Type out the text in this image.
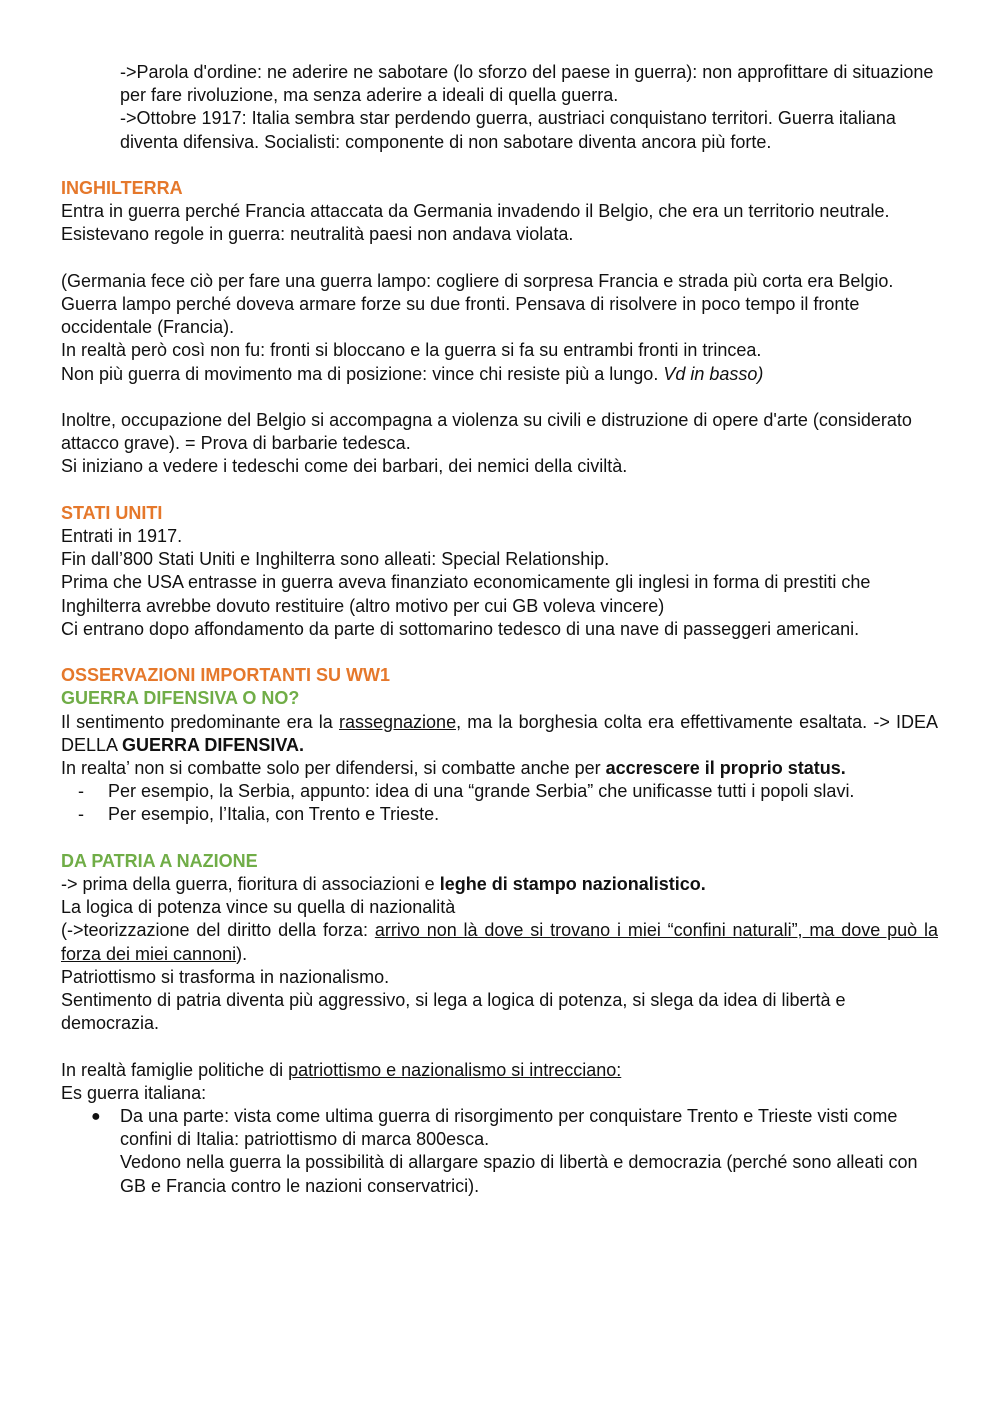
->Parola d'ordine: ne aderire ne sabotare (lo sforzo del paese in guerra): non approfittare di situazione per fare rivoluzione, ma senza aderire a ideali di quella guerra.

->Ottobre 1917: Italia sembra star perdendo guerra, austriaci conquistano territori. Guerra italiana diventa difensiva. Socialisti: componente di non sabotare diventa ancora più forte.

INGHILTERRA

Entra in guerra perché Francia attaccata da Germania invadendo il Belgio, che era un territorio neutrale.

Esistevano regole in guerra: neutralità paesi non andava violata.

(Germania fece ciò per fare una guerra lampo: cogliere di sorpresa Francia e strada più corta era Belgio. Guerra lampo perché doveva armare forze su due fronti. Pensava di risolvere in poco tempo il fronte occidentale (Francia).

In realtà però così non fu: fronti si bloccano e la guerra si fa su entrambi fronti in trincea.

Non più guerra di movimento ma di posizione: vince chi resiste più a lungo. Vd in basso)

Inoltre, occupazione del Belgio si accompagna a violenza su civili e distruzione di opere d'arte (considerato attacco grave). = Prova di barbarie tedesca.

Si iniziano a vedere i tedeschi come dei barbari, dei nemici della civiltà.

STATI UNITI

Entrati in 1917.

Fin dall’800 Stati Uniti e Inghilterra sono alleati: Special Relationship.

Prima che USA entrasse in guerra aveva finanziato economicamente gli inglesi in forma di prestiti che Inghilterra avrebbe dovuto restituire (altro motivo per cui GB voleva vincere)

Ci entrano dopo affondamento da parte di sottomarino tedesco di una nave di passeggeri americani.

OSSERVAZIONI IMPORTANTI SU WW1

GUERRA DIFENSIVA O NO?

Il sentimento predominante era la rassegnazione, ma la borghesia colta era effettivamente esaltata. -> IDEA DELLA GUERRA DIFENSIVA.

In realta’ non si combatte solo per difendersi, si combatte anche per accrescere il proprio status.

- Per esempio, la Serbia, appunto: idea di una “grande Serbia” che unificasse tutti i popoli slavi.
- Per esempio, l’Italia, con Trento e Trieste.

DA PATRIA A NAZIONE

-> prima della guerra, fioritura di associazioni e leghe di stampo nazionalistico.

La logica di potenza vince su quella di nazionalità

(->teorizzazione del diritto della forza: arrivo non là dove si trovano i miei “confini naturali”, ma dove può la forza dei miei cannoni).

Patriottismo si trasforma in nazionalismo.

Sentimento di patria diventa più aggressivo, si lega a logica di potenza, si slega da idea di libertà e democrazia.

In realtà famiglie politiche di patriottismo e nazionalismo si intrecciano:

Es guerra italiana:

● Da una parte: vista come ultima guerra di risorgimento per conquistare Trento e Trieste visti come confini di Italia: patriottismo di marca 800esca.
Vedono nella guerra la possibilità di allargare spazio di libertà e democrazia (perché sono alleati con GB e Francia contro le nazioni conservatrici).
